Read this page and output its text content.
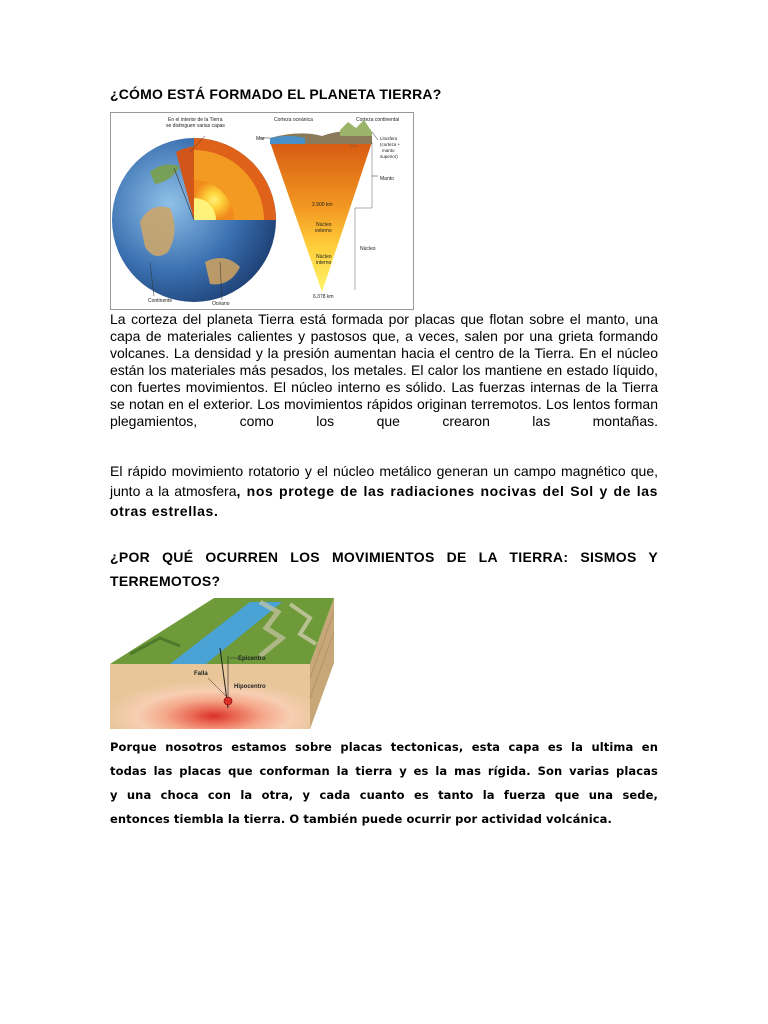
¿CÓMO ESTÁ FORMADO EL PLANETA TIERRA?
En el interior de la Tierra
se distinguen varias capas
Corteza oceánica	Corteza continental
Mar	Litosfera
(corteza +
manto
superior)
Manto
2.900 km
Núcleo
externo
Núcleo
Núcleo
interno
6.378 km
Continente	Océano
La corteza del planeta Tierra está formada por placas que flotan sobre el manto, una capa de materiales calientes y pastosos que, a veces, salen por una grieta formando volcanes. La densidad y la presión aumentan hacia el centro de la Tierra. En el núcleo están los materiales más pesados, los metales. El calor los mantiene en estado líquido, con fuertes movimientos. El núcleo interno es sólido. Las fuerzas internas de la Tierra se notan en el exterior. Los movimientos rápidos originan terremotos. Los lentos forman plegamientos, como los que crearon las montañas.
El rápido movimiento rotatorio y el núcleo metálico generan un campo magnético que, junto a la atmosfera, nos protege de las radiaciones nocivas del Sol y de las otras estrellas.
¿POR QUÉ OCURREN LOS MOVIMIENTOS DE LA TIERRA: SISMOS Y TERREMOTOS?
Epicentro
Falla
Hipocentro
Porque nosotros estamos sobre placas tectonicas, esta capa es la ultima en
todas las placas que conforman la tierra y es la mas rígida. Son varias placas
y una choca con la otra, y cada cuanto es tanto la fuerza que una sede,
entonces tiembla la tierra. O también puede ocurrir por actividad volcánica.
